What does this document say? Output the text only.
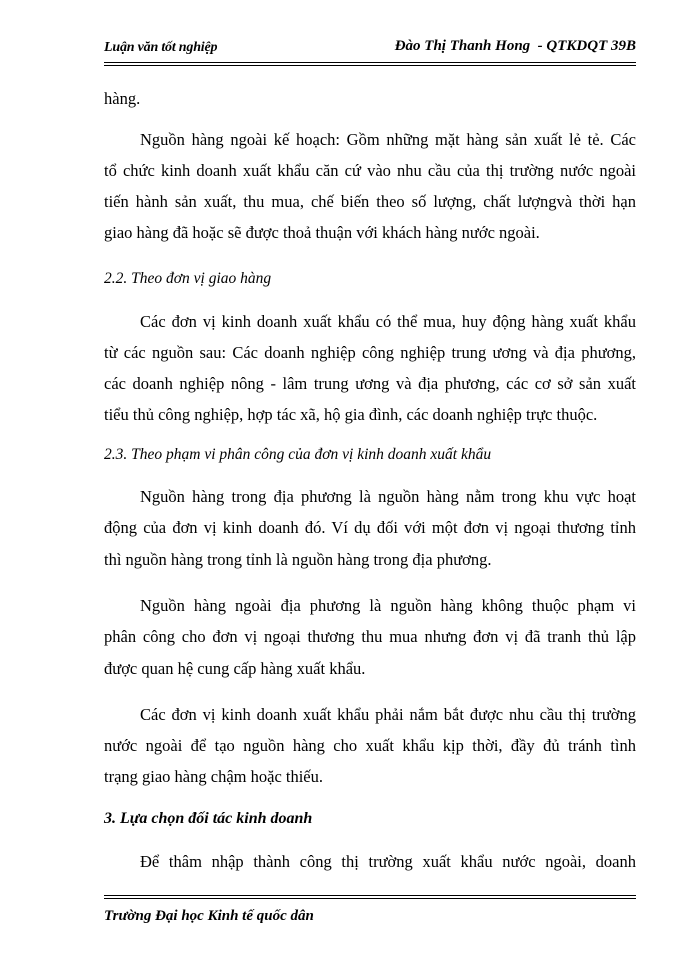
Luận văn tốt nghiệp	Đào Thị Thanh Hong  - QTKDQT 39B
hàng.
Nguồn hàng ngoài kế hoạch: Gồm những mặt hàng sản xuất lẻ tẻ. Các
tổ chức kinh doanh xuất khẩu căn cứ vào nhu cầu của thị trường nước ngoài
tiến hành sản xuất, thu mua, chế biến theo số lượng, chất lượngvà thời hạn
giao hàng đã hoặc sẽ được thoả thuận với khách hàng nước ngoài.
2.2. Theo đơn vị giao hàng
Các đơn vị kinh doanh xuất khẩu có thể mua, huy động hàng xuất khẩu
từ các nguồn sau: Các doanh nghiệp công nghiệp trung ương và địa phương,
các doanh nghiệp nông - lâm trung ương và địa phương, các cơ sở sản xuất
tiểu thủ công nghiệp, hợp tác xã, hộ gia đình, các doanh nghiệp trực thuộc.
2.3. Theo phạm vi phân công của đơn vị kinh doanh xuất khẩu
Nguồn hàng trong địa phương là nguồn hàng nằm trong khu vực hoạt
động của đơn vị kinh doanh đó. Ví dụ đối với một đơn vị ngoại thương tỉnh
thì nguồn hàng trong tỉnh là nguồn hàng trong địa phương.
Nguồn hàng ngoài địa phương là nguồn hàng không thuộc phạm vi
phân công cho đơn vị ngoại thương thu mua nhưng đơn vị đã tranh thủ lập
được quan hệ cung cấp hàng xuất khẩu.
Các đơn vị kinh doanh xuất khẩu phải nắm bắt được nhu cầu thị trường
nước ngoài để tạo nguồn hàng cho xuất khẩu kịp thời, đầy đủ tránh tình
trạng giao hàng chậm hoặc thiếu.
3. Lựa chọn đối tác kinh doanh
Để thâm nhập thành công thị trường xuất khẩu nước ngoài, doanh
Trường Đại học Kinh tế quốc dân
